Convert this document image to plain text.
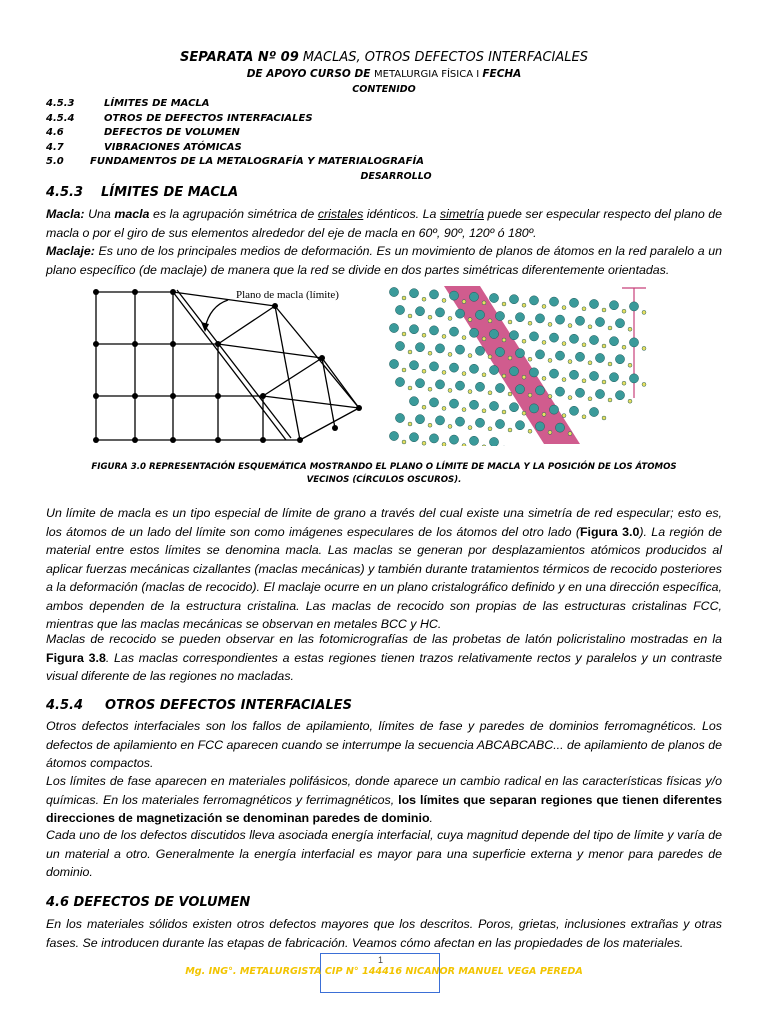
SEPARATA Nº 09 MACLAS, OTROS DEFECTOS INTERFACIALES
DE APOYO CURSO DE METALURGIA FÍSICA I FECHA
CONTENIDO
4.5.3	LÍMITES DE MACLA
4.5.4	OTROS DE DEFECTOS INTERFACIALES
4.6	DEFECTOS DE VOLUMEN
4.7	VIBRACIONES ATÓMICAS
5.0	FUNDAMENTOS DE LA METALOGRAFÍA Y MATERIALOGRAFÍA
DESARROLLO
4.5.3 LÍMITES DE MACLA

Macla: Una macla es la agrupación simétrica de cristales idénticos. La simetría puede ser especular respecto del plano de macla o por el giro de sus elementos alrededor del eje de macla en 60º, 90º, 120º ó 180º.

Maclaje: Es uno de los principales medios de deformación. Es un movimiento de planos de átomos en la red paralelo a un plano específico (de maclaje) de manera que la red se divide en dos partes simétricas diferentemente orientadas.

Plano de macla (límite)
FIGURA 3.0 REPRESENTACIÓN ESQUEMÁTICA MOSTRANDO EL PLANO O LÍMITE DE MACLA Y LA POSICIÓN DE LOS ÁTOMOS
VECINOS (CÍRCULOS OSCUROS).

Un límite de macla es un tipo especial de límite de grano a través del cual existe una simetría de red especular; esto es, los átomos de un lado del límite son como imágenes especulares de los átomos del otro lado (Figura 3.0). La región de material entre estos límites se denomina macla. Las maclas se generan por desplazamientos atómicos producidos al aplicar fuerzas mecánicas cizallantes (maclas mecánicas) y también durante tratamientos térmicos de recocido posteriores a la deformación (maclas de recocido). El maclaje ocurre en un plano cristalográfico definido y en una dirección específica, ambos dependen de la estructura cristalina. Las maclas de recocido son propias de las estructuras cristalinas FCC, mientras que las maclas mecánicas se observan en metales BCC y HC.

Maclas de recocido se pueden observar en las fotomicrografías de las probetas de latón policristalino mostradas en la Figura 3.8. Las maclas correspondientes a estas regiones tienen trazos relativamente rectos y paralelos y un contraste visual diferente de las regiones no macladas.

4.5.4 OTROS DEFECTOS INTERFACIALES

Otros defectos interfaciales son los fallos de apilamiento, límites de fase y paredes de dominios ferromagnéticos. Los defectos de apilamiento en FCC aparecen cuando se interrumpe la secuencia ABCABCABC... de apilamiento de planos de átomos compactos.

Los límites de fase aparecen en materiales polifásicos, donde aparece un cambio radical en las características físicas y/o químicas. En los materiales ferromagnéticos y ferrimagnéticos, los límites que separan regiones que tienen diferentes direcciones de magnetización se denominan paredes de dominio.

Cada uno de los defectos discutidos lleva asociada energía interfacial, cuya magnitud depende del tipo de límite y varía de un material a otro. Generalmente la energía interfacial es mayor para una superficie externa y menor para paredes de dominio.

4.6 DEFECTOS DE VOLUMEN

En los materiales sólidos existen otros defectos mayores que los descritos. Poros, grietas, inclusiones extrañas y otras fases. Se introducen durante las etapas de fabricación. Veamos cómo afectan en las propiedades de los materiales.

1
Mg. ING°. METALURGISTA CIP N° 144416 NICANOR MANUEL VEGA PEREDA
